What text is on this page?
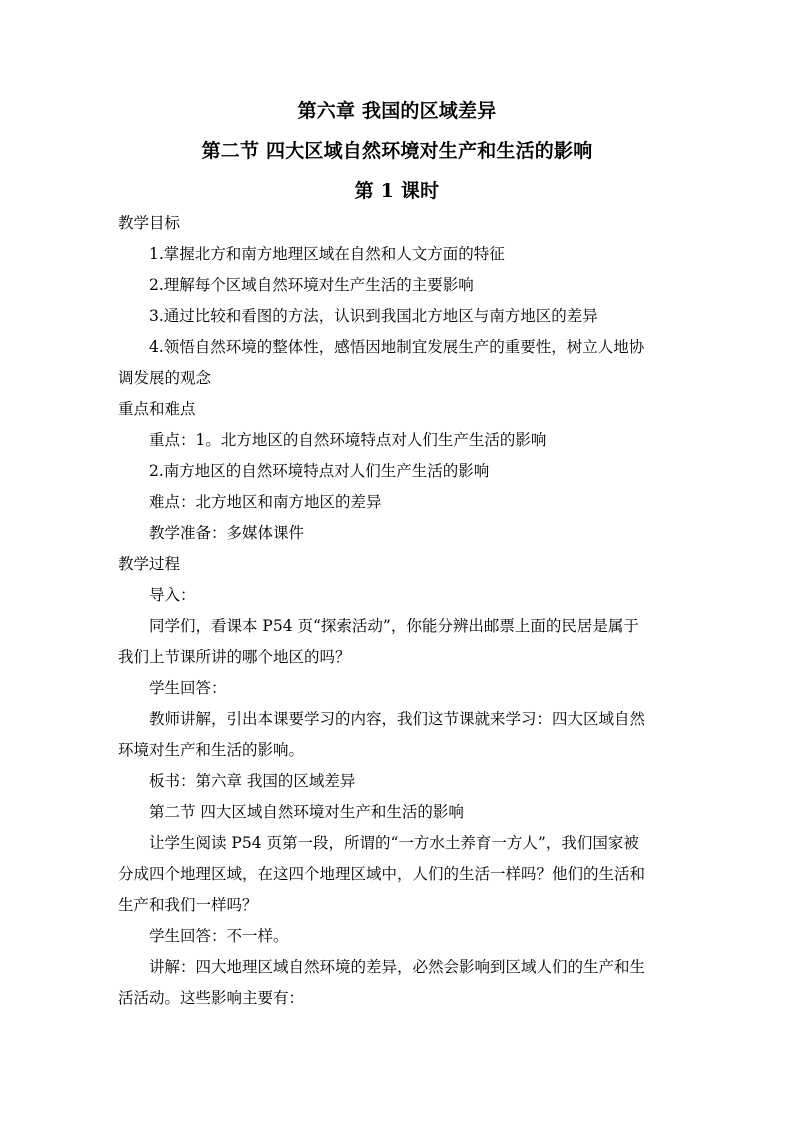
第六章 我国的区域差异
第二节 四大区域自然环境对生产和生活的影响
第 1 课时
教学目标
1.掌握北方和南方地理区域在自然和人文方面的特征
2.理解每个区域自然环境对生产生活的主要影响
3.通过比较和看图的方法，认识到我国北方地区与南方地区的差异
4.领悟自然环境的整体性，感悟因地制宜发展生产的重要性，树立人地协
调发展的观念
重点和难点
重点：1。北方地区的自然环境特点对人们生产生活的影响
2.南方地区的自然环境特点对人们生产生活的影响
难点：北方地区和南方地区的差异
教学准备：多媒体课件
教学过程
导入：
同学们，看课本 P54 页“探索活动”，你能分辨出邮票上面的民居是属于
我们上节课所讲的哪个地区的吗？
学生回答：
教师讲解，引出本课要学习的内容，我们这节课就来学习：四大区域自然
环境对生产和生活的影响。
板书：第六章 我国的区域差异
第二节 四大区域自然环境对生产和生活的影响
让学生阅读 P54 页第一段，所谓的“一方水土养育一方人”，我们国家被
分成四个地理区域，在这四个地理区域中，人们的生活一样吗？他们的生活和
生产和我们一样吗？
学生回答：不一样。
讲解：四大地理区域自然环境的差异，必然会影响到区域人们的生产和生
活活动。这些影响主要有：
